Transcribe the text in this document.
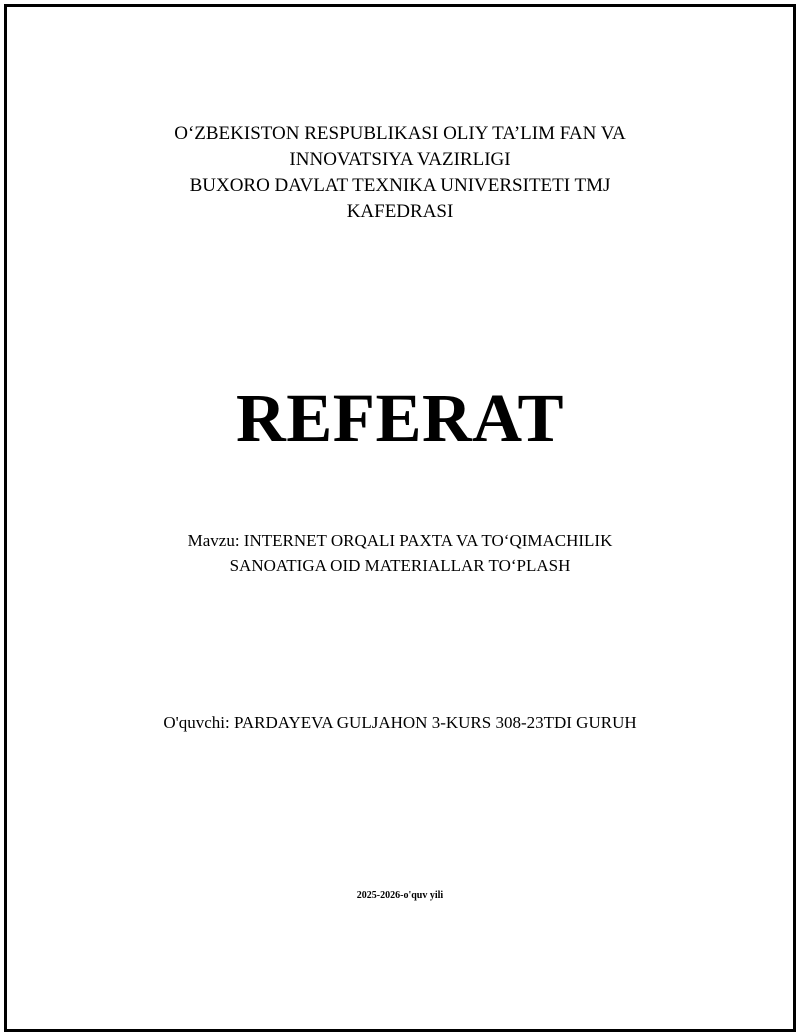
O‘ZBEKISTON RESPUBLIKASI OLIY TA’LIM FAN VA
INNOVATSIYA VAZIRLIGI
BUXORO DAVLAT TEXNIKA UNIVERSITETI TMJ
KAFEDRASI
REFERAT
Mavzu: INTERNET ORQALI PAXTA VA TO‘QIMACHILIK
SANOATIGA OID MATERIALLAR TO‘PLASH
O'quvchi: PARDAYEVA GULJAHON 3-KURS 308-23TDI GURUH
2025-2026-o'quv yili
